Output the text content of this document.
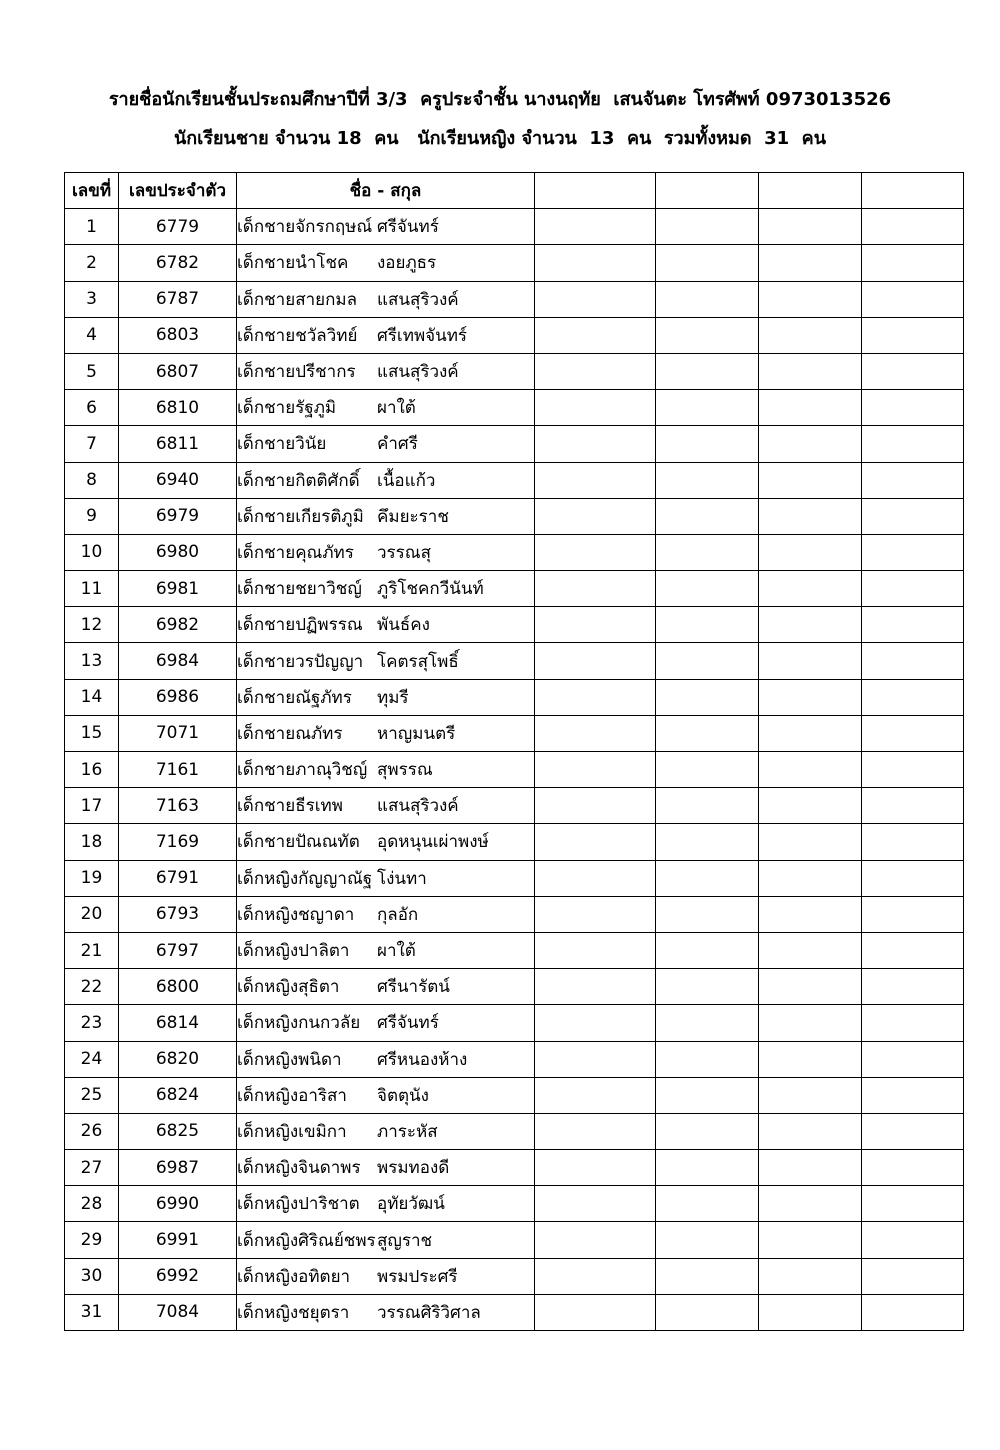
รายชื่อนักเรียนชั้นประถมศึกษาปีที่ 3/3  ครูประจำชั้น นางนฤทัย  เสนจันตะ โทรศัพท์ 0973013526
นักเรียนชาย จำนวน 18  คน   นักเรียนหญิง จำนวน  13  คน  รวมทั้งหมด  31  คน
เลขที่	เลขประจำตัว	ชื่อ - สกุล				
1	6779	เด็กชายจักรกฤษณ์ ศรีจันทร์				
2	6782	เด็กชายนำโชค งอยภูธร				
3	6787	เด็กชายสายกมล แสนสุริวงค์				
4	6803	เด็กชายชวัลวิทย์ ศรีเทพจันทร์				
5	6807	เด็กชายปรีชากร แสนสุริวงค์				
6	6810	เด็กชายรัฐภูมิ ผาใต้				
7	6811	เด็กชายวินัย คำศรี				
8	6940	เด็กชายกิตติศักดิ์ เนื้อแก้ว				
9	6979	เด็กชายเกียรติภูมิ คึมยะราช				
10	6980	เด็กชายคุณภัทร วรรณสุ				
11	6981	เด็กชายชยาวิชญ์ ภูริโชคกวีนันท์				
12	6982	เด็กชายปฏิพรรณ พันธ์คง				
13	6984	เด็กชายวรปัญญา โคตรสุโพธิ์				
14	6986	เด็กชายณัฐภัทร ทุมรี				
15	7071	เด็กชายณภัทร หาญมนตรี				
16	7161	เด็กชายภาณุวิชญ์ สุพรรณ				
17	7163	เด็กชายธีรเทพ แสนสุริวงค์				
18	7169	เด็กชายปัณณทัต อุดหนุนเผ่าพงษ์				
19	6791	เด็กหญิงกัญญาณัฐ โง่นทา				
20	6793	เด็กหญิงชญาดา กุลอัก				
21	6797	เด็กหญิงปาลิตา ผาใต้				
22	6800	เด็กหญิงสุธิตา ศรีนารัตน์				
23	6814	เด็กหญิงกนกวลัย ศรีจันทร์				
24	6820	เด็กหญิงพนิดา ศรีหนองห้าง				
25	6824	เด็กหญิงอาริสา จิตตุนัง				
26	6825	เด็กหญิงเขมิกา ภาระหัส				
27	6987	เด็กหญิงจินดาพร พรมทองดี				
28	6990	เด็กหญิงปาริชาต อุทัยวัฒน์				
29	6991	เด็กหญิงศิริณย์ชพรสูญราช				
30	6992	เด็กหญิงอทิตยา พรมประศรี				
31	7084	เด็กหญิงชยุตรา วรรณศิริวิศาล				
